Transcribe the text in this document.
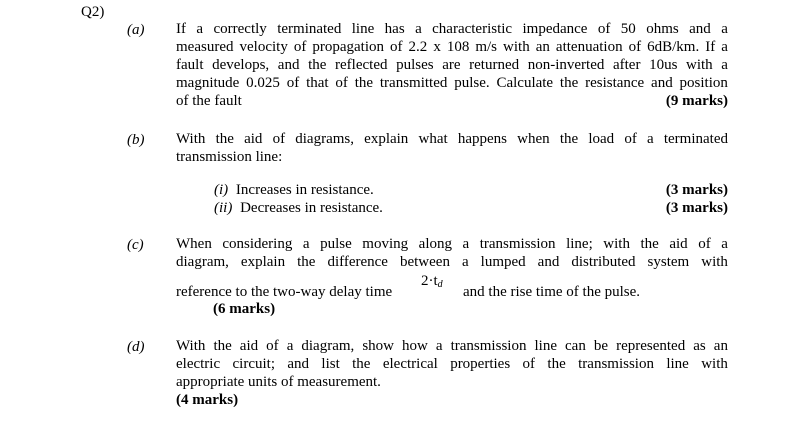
Q2)
(a) If a correctly terminated line has a characteristic impedance of 50 ohms and a
measured velocity of propagation of 2.2 x 108 m/s with an attenuation of 6dB/km. If a
fault develops, and the reflected pulses are returned non-inverted after 10us with a
magnitude 0.025 of that of the transmitted pulse. Calculate the resistance and position
of the fault	(9 marks)
(b) With the aid of diagrams, explain what happens when the load of a terminated
transmission line:
(i) Increases in resistance.	(3 marks)
(ii) Decreases in resistance.	(3 marks)
(c) When considering a pulse moving along a transmission line; with the aid of a
diagram, explain the difference between a lumped and distributed system with
reference to the two-way delay time
$2\cdot t_d$ and the rise time of the pulse.
(6 marks)
(d) With the aid of a diagram, show how a transmission line can be represented as an
electric circuit; and list the electrical properties of the transmission line with
appropriate units of measurement.
(4 marks)
